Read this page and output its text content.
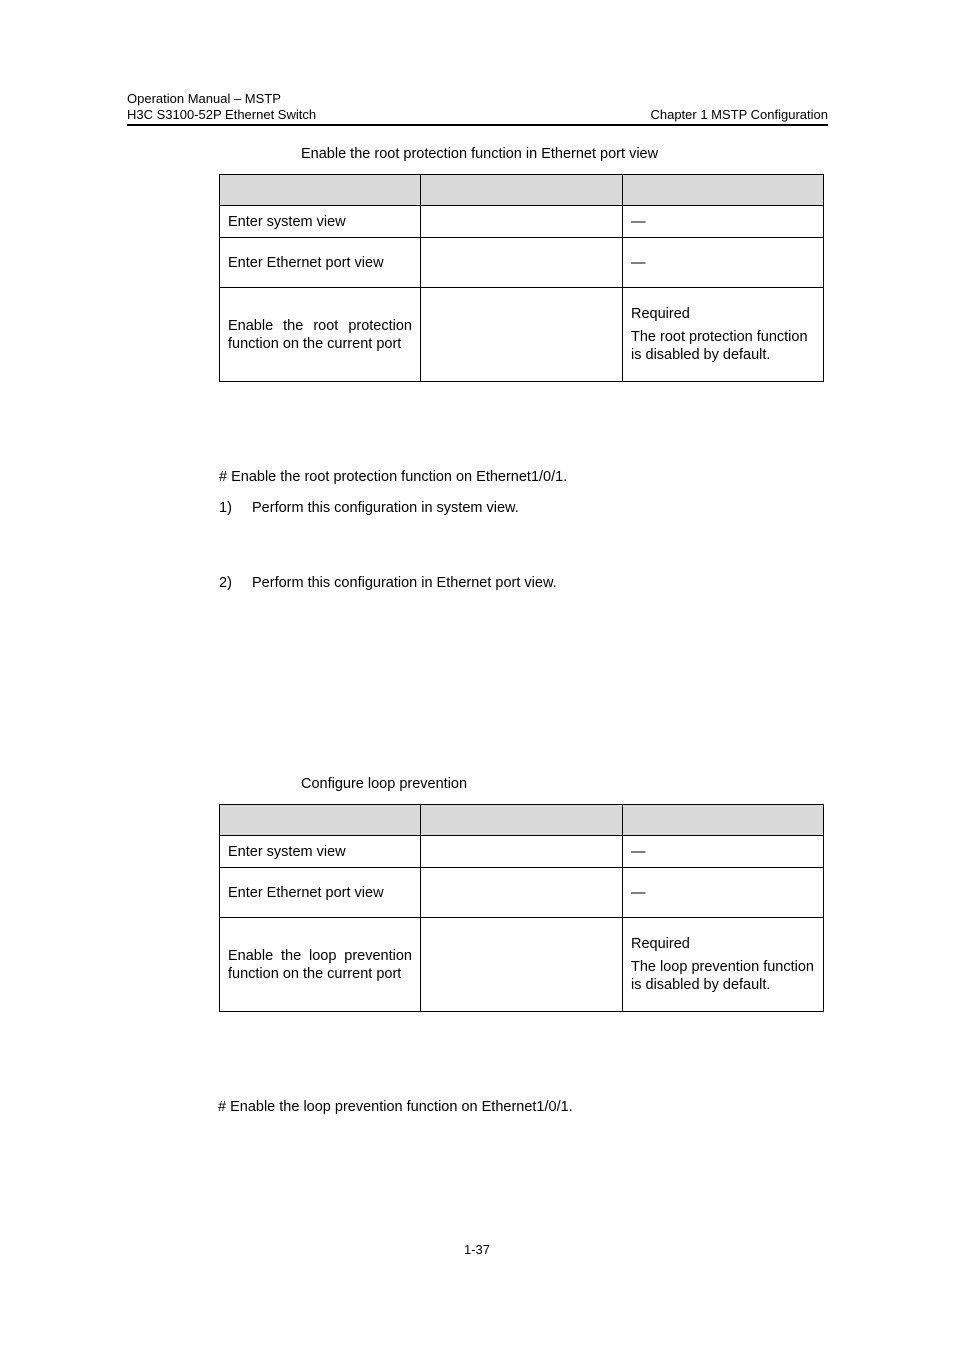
Operation Manual – MSTP
H3C S3100-52P Ethernet Switch	Chapter 1 MSTP Configuration
Enable the root protection function in Ethernet port view

Enter system view		—
Enter Ethernet port view		—
Enable the root protection function on the current port		Required

The root protection function is disabled by default.

# Enable the root protection function on Ethernet1/0/1.
1) Perform this configuration in system view.
2) Perform this configuration in Ethernet port view.
Configure loop prevention

Enter system view		—
Enter Ethernet port view		—
Enable the loop prevention function on the current port		Required

The loop prevention function is disabled by default.

# Enable the loop prevention function on Ethernet1/0/1.
1-37
